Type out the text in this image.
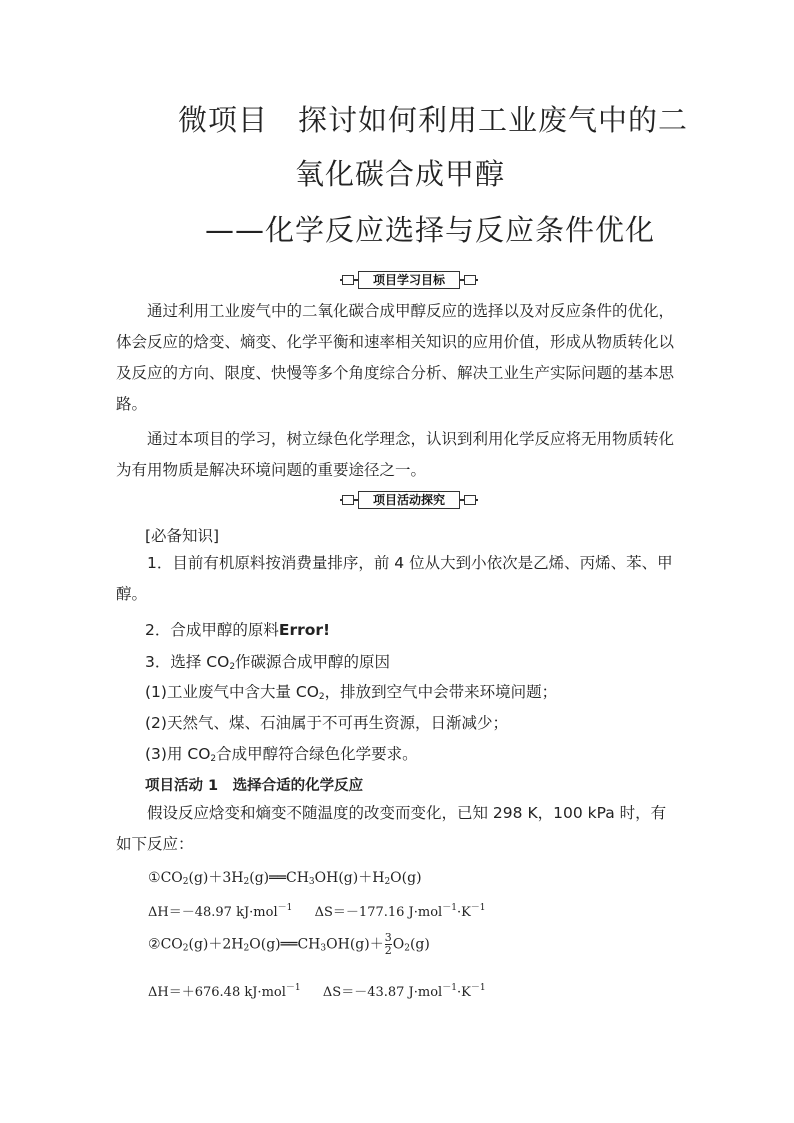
微项目　探讨如何利用工业废气中的二
氧化碳合成甲醇
——化学反应选择与反应条件优化
项目学习目标
通过利用工业废气中的二氧化碳合成甲醇反应的选择以及对反应条件的优化，体会反应的焓变、熵变、化学平衡和速率相关知识的应用价值，形成从物质转化以及反应的方向、限度、快慢等多个角度综合分析、解决工业生产实际问题的基本思路。
通过本项目的学习，树立绿色化学理念，认识到利用化学反应将无用物质转化为有用物质是解决环境问题的重要途径之一。
项目活动探究
[必备知识]
1．目前有机原料按消费量排序，前 4 位从大到小依次是乙烯、丙烯、苯、甲醇。
2．合成甲醇的原料Error!
3．选择 $CO_2$作碳源合成甲醇的原因
(1)工业废气中含大量 $CO_2$，排放到空气中会带来环境问题；
(2)天然气、煤、石油属于不可再生资源，日渐减少；
(3)用 $CO_2$合成甲醇符合绿色化学要求。
项目活动 1　选择合适的化学反应
假设反应焓变和熵变不随温度的改变而变化，已知 298 K，100 kPa 时，有如下反应：
$①CO_2(g)+3H_2(g)══CH_3OH(g)+H_2O(g)$
ΔH＝－48.97 kJ·mol$^{-1}$ ΔS＝－177.16 $J\cdot mol^{-1}\cdot K^{-1}$
$②CO_2(g)+2H_2O(g)══CH_3OH(g)+ \frac{3}{2} O_2(g)$
ΔH＝＋676.48 kJ·mol$^{-1}$ ΔS＝－43.87 $J\cdot mol^{-1}\cdot K^{-1}$
